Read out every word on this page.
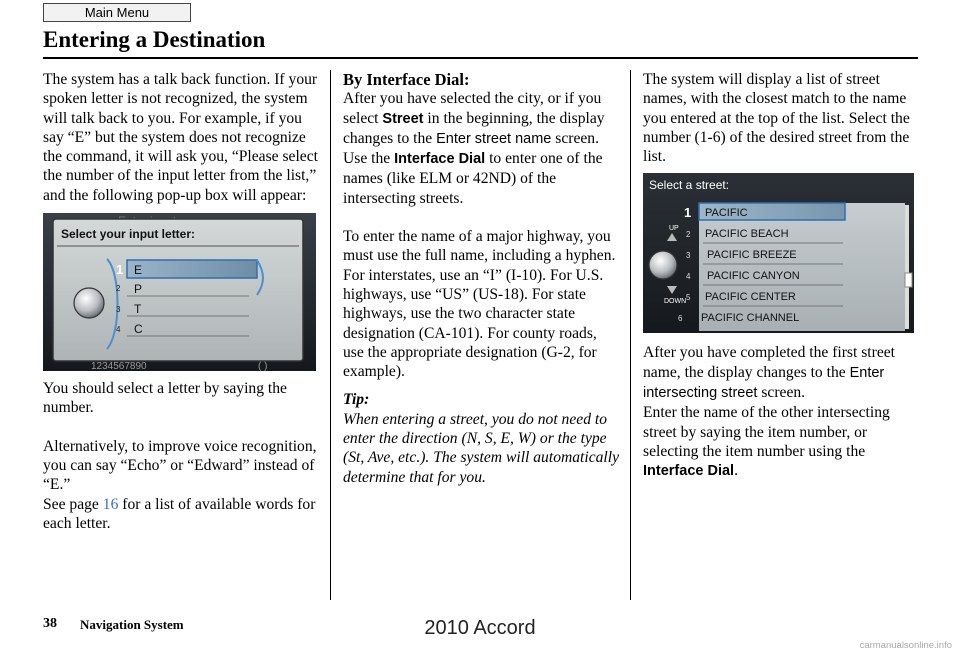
Main Menu
Entering a Destination

The system has a talk back function. If your spoken letter is not recognized, the system will talk back to you. For example, if you say “E” but the system does not recognize the command, it will ask you, “Please select the number of the input letter from the list,” and the following pop-up box will appear:

Select your input letter:
1 E
2 P
3 T
4 C
1234567890	( )

You should select a letter by saying the number.

Alternatively, to improve voice recognition, you can say “Echo” or “Edward” instead of “E.”

See page 16 for a list of available words for each letter.

By Interface Dial:

After you have selected the city, or if you select Street in the beginning, the display changes to the Enter street name screen. Use the Interface Dial to enter one of the names (like ELM or 42ND) of the intersecting streets.

To enter the name of a major highway, you must use the full name, including a hyphen. For interstates, use an “I” (I-10). For U.S. highways, use “US” (US-18). For state highways, use the two character state designation (CA-101). For county roads, use the appropriate designation (G-2, for example).

Tip:

When entering a street, you do not need to enter the direction (N, S, E, W) or the type (St, Ave, etc.). The system will automatically determine that for you.

The system will display a list of street names, with the closest match to the name you entered at the top of the list. Select the number (1-6) of the desired street from the list.

Select a street:
1 PACIFIC
2 PACIFIC BEACH
3 PACIFIC BREEZE
4 PACIFIC CANYON
5 PACIFIC CENTER
6 PACIFIC CHANNEL
UP
DOWN

After you have completed the first street name, the display changes to the Enter intersecting street screen.

Enter the name of the other intersecting street by saying the item number, or selecting the item number using the Interface Dial.

38 Navigation System	2010 Accord
carmanualsonline.info
